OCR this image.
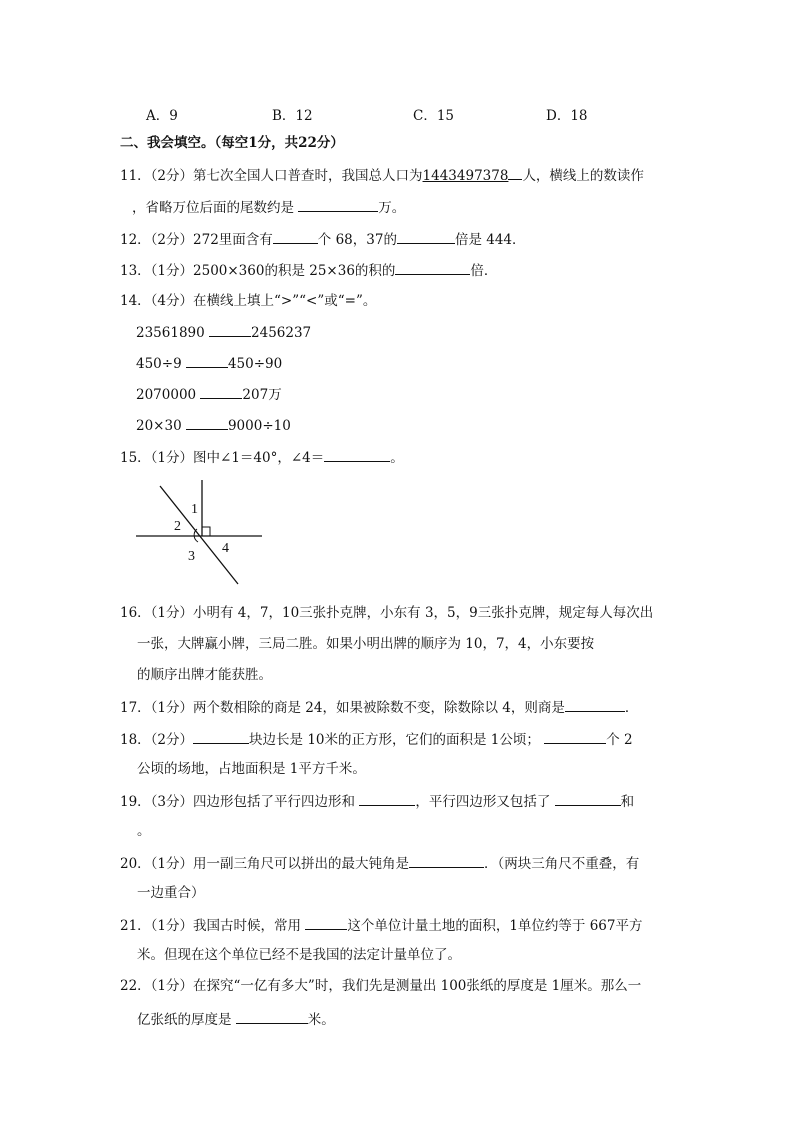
A．9	B．12	C．15	D．18
二、我会填空。（每空1分，共22分）
11．（2分）第七次全国人口普查时，我国总人口为1443497378 人，横线上的数读作
，省略万位后面的尾数约是	万。
12．（2分）272里面含有	个 68，37的	倍是 444．
13．（1分）2500×360的积是 25×36的积的	倍．
14．（4分）在横线上填上“>”“<”或“=”。
23561890	2456237
450÷9	450÷90
2070000	207万
20×30	9000÷10
15．（1分）图中∠1＝40°，∠4＝	。
1
2
3
4
16．（1分）小明有 4，7，10三张扑克牌，小东有 3，5，9三张扑克牌，规定每人每次出
一张，大牌赢小牌，三局二胜。如果小明出牌的顺序为 10，7，4，小东要按
的顺序出牌才能获胜。
17．（1分）两个数相除的商是 24，如果被除数不变，除数除以 4，则商是	．
18．（2分）	块边长是 10米的正方形，它们的面积是 1公顷；	个 2
公顷的场地，占地面积是 1平方千米。
19．（3分）四边形包括了平行四边形和	，平行四边形又包括了	和
。
20．（1分）用一副三角尺可以拼出的最大钝角是	．（两块三角尺不重叠，有
一边重合）
21．（1分）我国古时候，常用	这个单位计量土地的面积，1单位约等于 667平方
米。但现在这个单位已经不是我国的法定计量单位了。
22．（1分）在探究“一亿有多大”时，我们先是测量出 100张纸的厚度是 1厘米。那么一
亿张纸的厚度是	米。
